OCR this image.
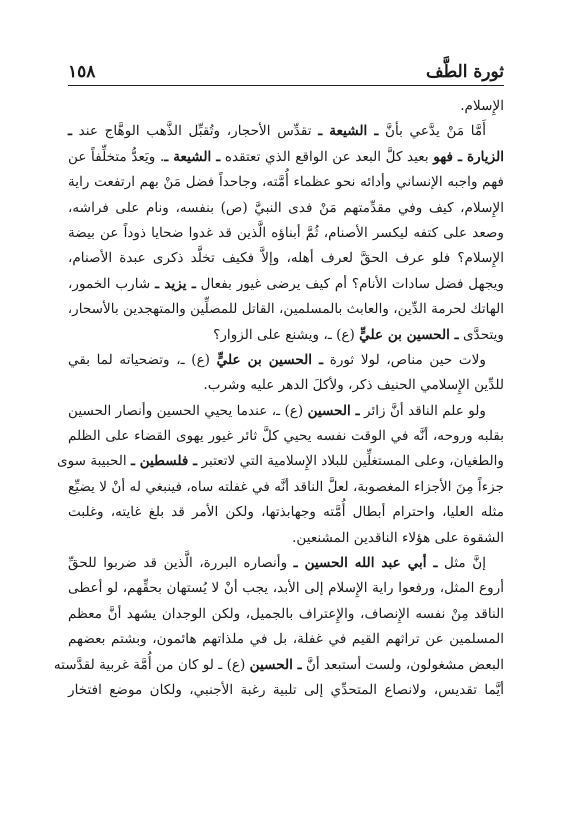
١٥٨	ثورة الطَّف
الإِسلام.
أَمَّا مَنْ يدَّعي بأنَّ ـ الشيعة ـ تقدِّس الأحجار، وتُقبِّل الذَّهب الوهَّاج عند ـ
الزيارة ـ فهو بعيد كلَّ البعد عن الواقع الذي تعتقده ـ الشيعة ـ. ويَعدُّ متخلِّفاً عن
فهم واجبه الإنساني وأدائه نحو عظماء أُمَّته، وجاحداً فضل مَنْ بهم ارتفعت راية
الإِسلام، كيف وفي مقدِّمتهم مَنْ فدى النبيَّ (ص) بنفسه، ونام على فراشه،
وصعد على كتفه ليكسر الأصنام، ثُمَّ أبناؤه الَّذين قد غدوا ضحايا ذوداً عن بيضة
الإِسلام؟ فلو عرف الحقَّ لعرف أهله، وإلاَّ فكيف تخلَّد ذكرى عبدة الأصنام،
ويجهل فضل سادات الأنام؟ أم كيف يرضى غيور بفعال ـ يزيد ـ شارب الخمور،
الهاتك لحرمة الدِّين، والعابث بالمسلمين، القاتل للمصلِّين والمتهجدين بالأسحار،
ويتحدَّى ـ الحسين بن عليٍّ (ع) ـ، ويشنع على الزوار؟
ولات حين مناص، لولا ثورة ـ الحسين بن عليٍّ (ع) ـ، وتضحياته لما بقي
للدِّين الإِسلامي الحنيف ذكر، ولأكلَ الدهر عليه وشرب.
ولو علم الناقد أنَّ زائر ـ الحسين (ع) ـ، عندما يحيي الحسين وأنصار الحسين
بقلبه وروحه، أنَّه في الوقت نفسه يحيي كلَّ ثائر غيور يهوى القضاء على الظلم
والطغيان، وعلى المستغلِّين للبلاد الإِسلامية التي لاتعتبر ـ فلسطين ـ الحبيبة سوى
جزءاً مِنَ الأجزاء المغصوبة، لعلَّ الناقد أنَّه في غفلته ساه، فينبغي له أنْ لا يضيِّع
مثله العليا، واحترام أبطال أُمَّته وجهابذتها، ولكن الأمر قد بلغ غايته، وغلبت
الشقوة على هؤلاء الناقدين المشنعين.
إنَّ مثل ـ أبي عبد الله الحسين ـ وأنصاره البررة، الَّذين قد ضربوا للحقِّ
أروع المثل، ورفعوا راية الإِسلام إلى الأبد، يجب أنْ لا يُستهان بحقِّهم، لو أعطى
الناقد مِنْ نفسه الإِنصاف، والإِعتراف بالجميل، ولكن الوجدان يشهد أنَّ معظم
المسلمين عن تراثهم القيم في غفلة، بل في ملذاتهم هائمون، وبشتم بعضهم
البعض مشغولون، ولست أستبعد أنَّ ـ الحسين (ع) ـ لو كان من أُمَّة غربية لقدَّسته
أيَّما تقديس، ولانصاع المتحدِّي إلى تلبية رغبة الأجنبي، ولكان موضع افتخار
